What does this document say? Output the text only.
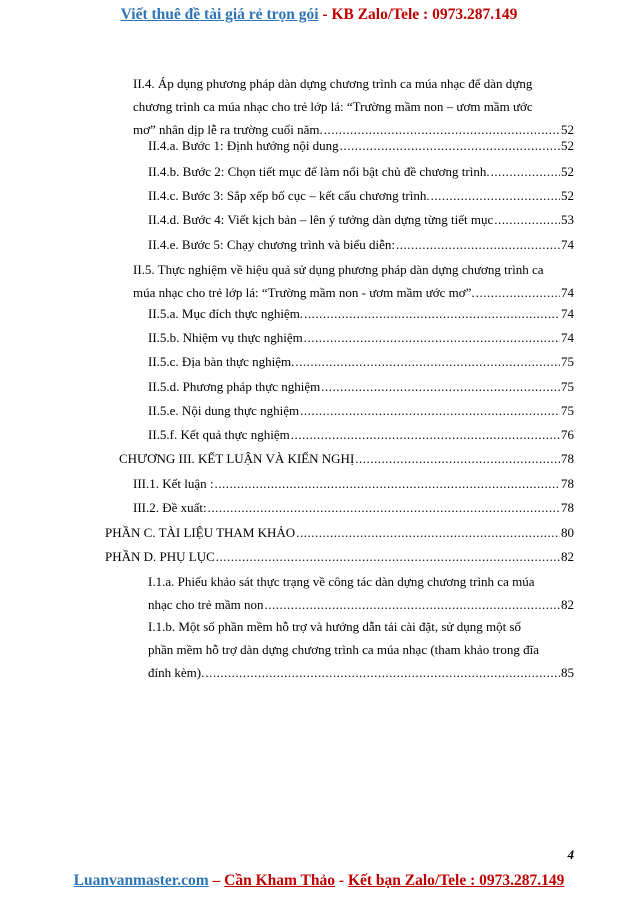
Viết thuê đề tài giá rẻ trọn gói - KB Zalo/Tele : 0973.287.149
II.4. Áp dụng phương pháp dàn dựng chương trình ca múa nhạc để dàn dựng
chương trình ca múa nhạc cho trẻ lớp lá: “Trường mầm non – ươm mầm ước
mơ” nhân dịp lễ ra trường cuối năm. .....	52
II.4.a. Bước 1: Định hướng nội dung .....	52
II.4.b. Bước 2: Chọn tiết mục để làm nổi bật chủ đề chương trình. .....	52
II.4.c. Bước 3: Sắp xếp bố cục – kết cấu chương trình. .....	52
II.4.d. Bước 4: Viết kịch bản – lên ý tưởng dàn dựng từng tiết mục .....	53
II.4.e. Bước 5: Chạy chương trình và biểu diễn: .....	74
II.5. Thực nghiệm về hiệu quả sử dụng phương pháp dàn dựng chương trình ca
múa nhạc cho trẻ lớp lá: “Trường mầm non - ươm mầm ước mơ”. .....	74
II.5.a. Mục đích thực nghiệm. .....	74
II.5.b. Nhiệm vụ thực nghiệm .....	74
II.5.c. Địa bàn thực nghiệm. .....	75
II.5.d. Phương pháp thực nghiệm .....	75
II.5.e. Nội dung thực nghiệm .....	75
II.5.f. Kết quả thực nghiệm .....	76
CHƯƠNG III. KẾT LUẬN VÀ KIẾN NGHỊ .....	78
III.1. Kết luận : .....	78
III.2. Đề xuất: .....	78
PHẦN C. TÀI LIỆU THAM KHẢO .....	80
PHẦN D. PHỤ LỤC .....	82
I.1.a. Phiếu khảo sát thực trạng về công tác dàn dựng chương trình ca múa
nhạc cho trẻ mầm non .....	82
I.1.b. Một số phần mềm hỗ trợ và hướng dẫn tải cài đặt, sử dụng một số
phần mềm hỗ trợ dàn dựng chương trình ca múa nhạc (tham khảo trong đĩa
đính kèm). .....	85
4
Luanvanmaster.com – Cần Kham Thảo - Kết bạn Zalo/Tele : 0973.287.149
